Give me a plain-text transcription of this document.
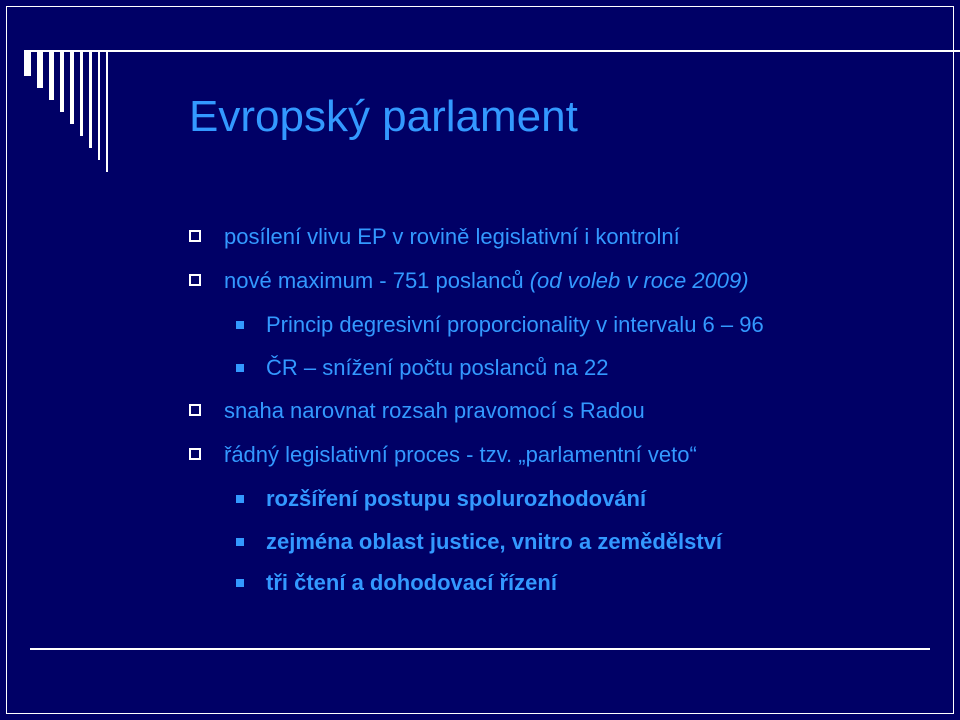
Evropský parlament
posílení vlivu EP v rovině legislativní i kontrolní
nové maximum - 751 poslanců (od voleb v roce 2009)
Princip degresivní proporcionality v intervalu 6 – 96
ČR – snížení počtu poslanců na 22
snaha narovnat rozsah pravomocí s Radou
řádný legislativní proces - tzv. „parlamentní veto“
rozšíření postupu spolurozhodování
zejména oblast justice, vnitro a zemědělství
tři čtení a dohodovací řízení
